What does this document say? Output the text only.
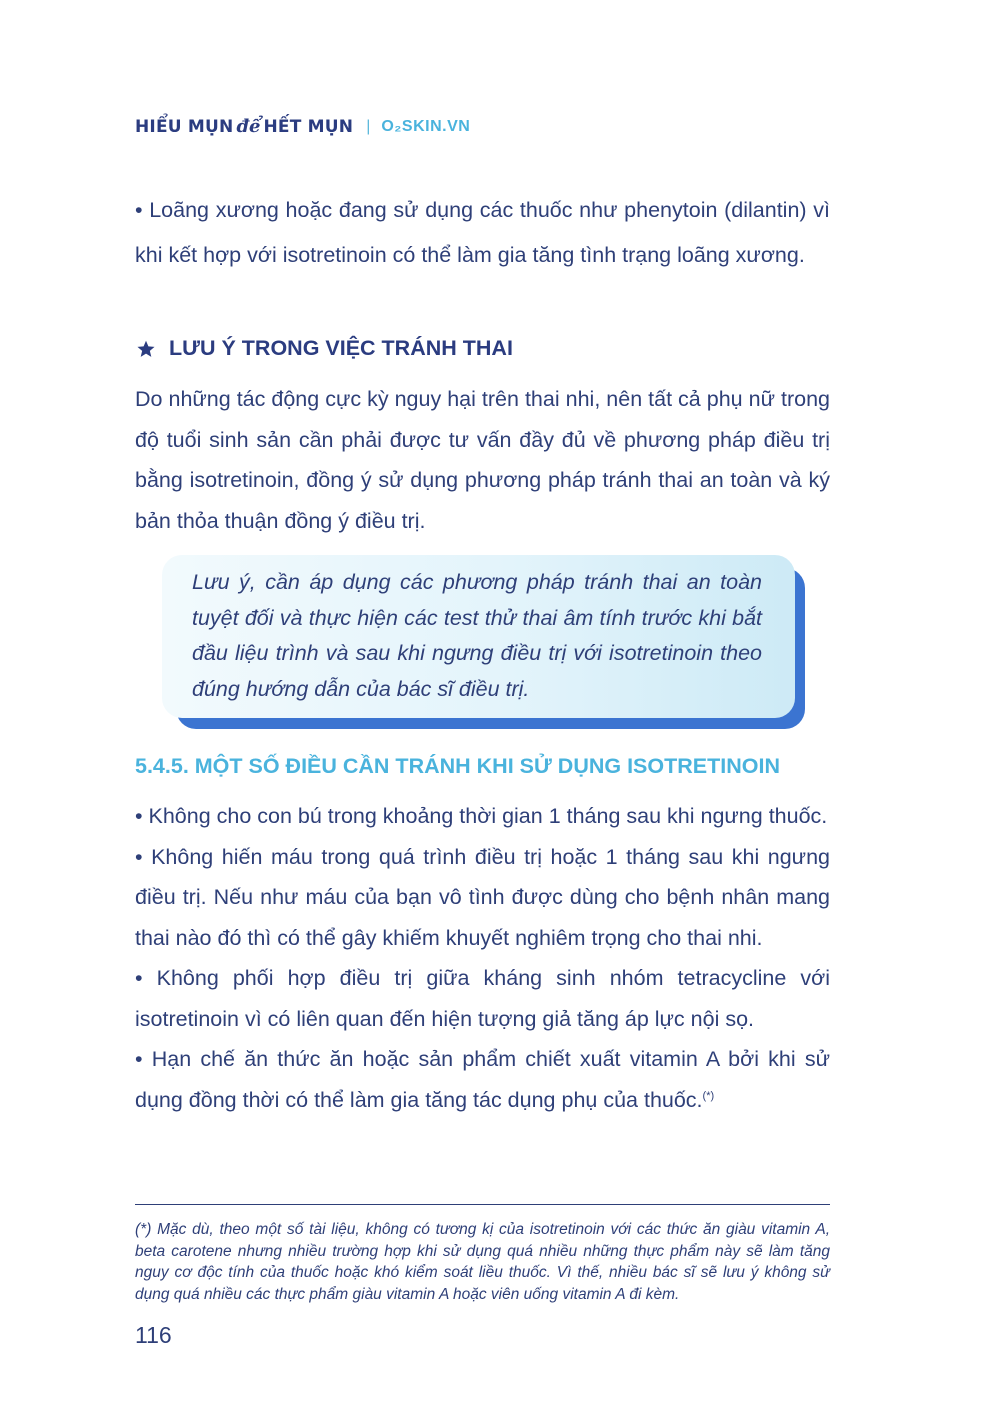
HIỂU MỤN để HẾT MỤN | O₂SKIN.VN

• Loãng xương hoặc đang sử dụng các thuốc như phenytoin (dilantin) vì khi kết hợp với isotretinoin có thể làm gia tăng tình trạng loãng xương.

LƯU Ý TRONG VIỆC TRÁNH THAI

Do những tác động cực kỳ nguy hại trên thai nhi, nên tất cả phụ nữ trong độ tuổi sinh sản cần phải được tư vấn đầy đủ về phương pháp điều trị bằng isotretinoin, đồng ý sử dụng phương pháp tránh thai an toàn và ký bản thỏa thuận đồng ý điều trị.

Lưu ý, cần áp dụng các phương pháp tránh thai an toàn tuyệt đối và thực hiện các test thử thai âm tính trước khi bắt đầu liệu trình và sau khi ngưng điều trị với isotretinoin theo đúng hướng dẫn của bác sĩ điều trị.

5.4.5. MỘT SỐ ĐIỀU CẦN TRÁNH KHI SỬ DỤNG ISOTRETINOIN

• Không cho con bú trong khoảng thời gian 1 tháng sau khi ngưng thuốc.
• Không hiến máu trong quá trình điều trị hoặc 1 tháng sau khi ngưng điều trị. Nếu như máu của bạn vô tình được dùng cho bệnh nhân mang thai nào đó thì có thể gây khiếm khuyết nghiêm trọng cho thai nhi.
• Không phối hợp điều trị giữa kháng sinh nhóm tetracycline với isotretinoin vì có liên quan đến hiện tượng giả tăng áp lực nội sọ.
• Hạn chế ăn thức ăn hoặc sản phẩm chiết xuất vitamin A bởi khi sử dụng đồng thời có thể làm gia tăng tác dụng phụ của thuốc.(*)

(*) Mặc dù, theo một số tài liệu, không có tương kị của isotretinoin với các thức ăn giàu vitamin A, beta carotene nhưng nhiều trường hợp khi sử dụng quá nhiều những thực phẩm này sẽ làm tăng nguy cơ độc tính của thuốc hoặc khó kiểm soát liều thuốc. Vì thế, nhiều bác sĩ sẽ lưu ý không sử dụng quá nhiều các thực phẩm giàu vitamin A hoặc viên uống vitamin A đi kèm.

116
